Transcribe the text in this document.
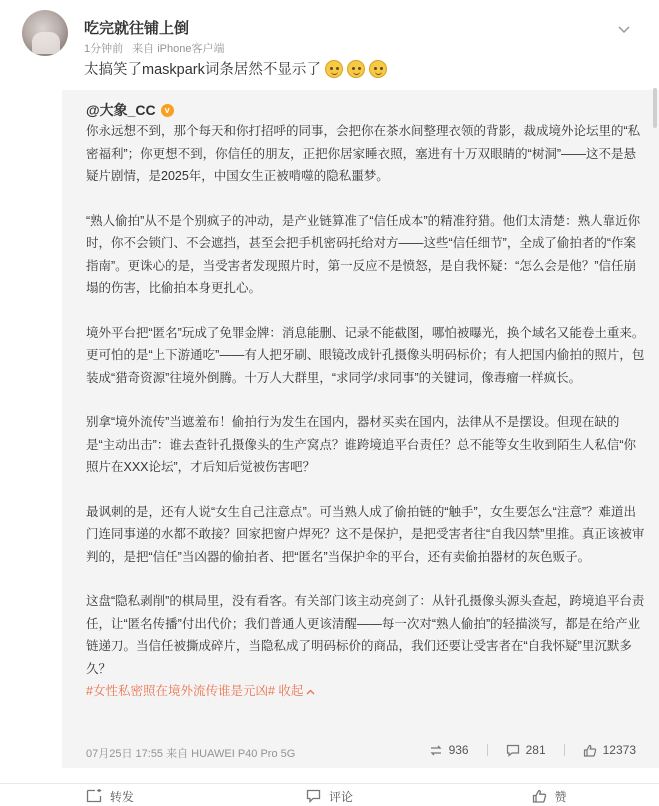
吃完就往铺上倒
1分钟前 来自 iPhone客户端
太搞笑了maskpark词条居然不显示了
@大象_CC v

你永远想不到，那个每天和你打招呼的同事，会把你在茶水间整理衣领的背影，裁成境外论坛里的“私密福利”；你更想不到，你信任的朋友，正把你居家睡衣照，塞进有十万双眼睛的“树洞”——这不是悬疑片剧情，是2025年，中国女生正被啃噬的隐私噩梦。

“熟人偷拍”从不是个别疯子的冲动，是产业链算准了“信任成本”的精准狩猎。他们太清楚：熟人靠近你时，你不会锁门、不会遮挡，甚至会把手机密码托给对方——这些“信任细节”，全成了偷拍者的“作案指南”。更诛心的是，当受害者发现照片时，第一反应不是愤怒，是自我怀疑：“怎么会是他？”信任崩塌的伤害，比偷拍本身更扎心。

境外平台把“匿名”玩成了免罪金牌：消息能删、记录不能截图，哪怕被曝光，换个域名又能卷土重来。更可怕的是“上下游通吃”——有人把牙刷、眼镜改成针孔摄像头明码标价；有人把国内偷拍的照片，包装成“猎奇资源”往境外倒腾。十万人大群里，“求同学/求同事”的关键词，像毒瘤一样疯长。

别拿“境外流传”当遮羞布！偷拍行为发生在国内，器材买卖在国内，法律从不是摆设。但现在缺的是“主动出击”：谁去查针孔摄像头的生产窝点？谁跨境追平台责任？总不能等女生收到陌生人私信“你照片在XXX论坛”，才后知后觉被伤害吧？

最讽刺的是，还有人说“女生自己注意点”。可当熟人成了偷拍链的“触手”，女生要怎么“注意”？难道出门连同事递的水都不敢接？回家把窗户焊死？这不是保护，是把受害者往“自我囚禁”里推。真正该被审判的，是把“信任”当凶器的偷拍者、把“匿名”当保护伞的平台，还有卖偷拍器材的灰色贩子。

这盘“隐私剥削”的棋局里，没有看客。有关部门该主动亮剑了：从针孔摄像头源头查起，跨境追平台责任，让“匿名传播”付出代价；我们普通人更该清醒——每一次对“熟人偷拍”的轻描淡写，都是在给产业链递刀。当信任被撕成碎片，当隐私成了明码标价的商品，我们还要让受害者在“自我怀疑”里沉默多久？

#女性私密照在境外流传谁是元凶# 收起
07月25日 17:55 来自 HUAWEI P40 Pro 5G	936	281	12373
转发	评论	赞
